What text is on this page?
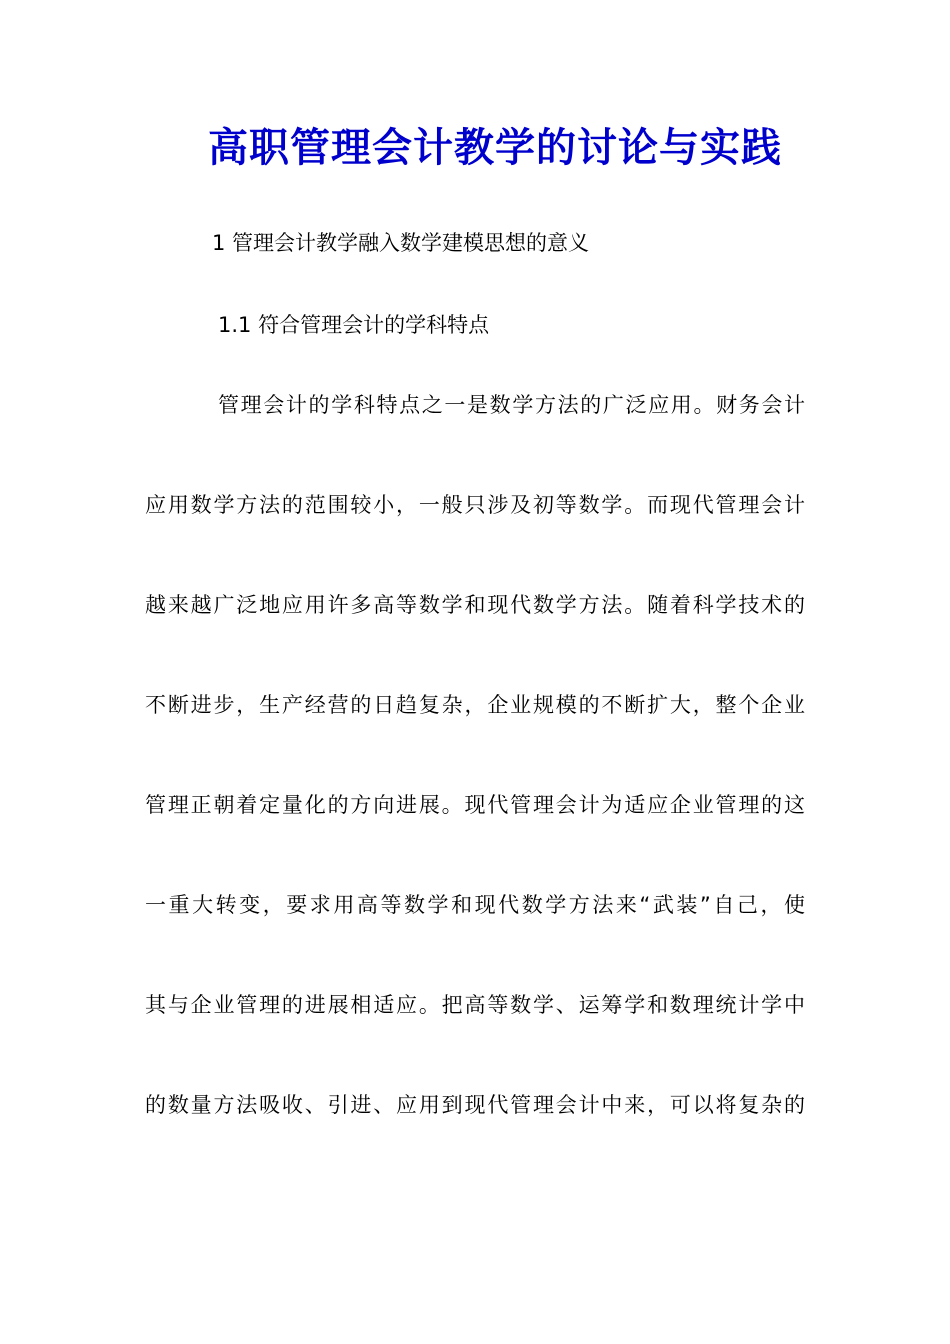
高职管理会计教学的讨论与实践
1 管理会计教学融入数学建模思想的意义
1.1 符合管理会计的学科特点
管理会计的学科特点之一是数学方法的广泛应用。财务会计
应用数学方法的范围较小，一般只涉及初等数学。而现代管理会计
越来越广泛地应用许多高等数学和现代数学方法。随着科学技术的
不断进步，生产经营的日趋复杂，企业规模的不断扩大，整个企业
管理正朝着定量化的方向进展。现代管理会计为适应企业管理的这
一重大转变，要求用高等数学和现代数学方法来“武装”自己，使
其与企业管理的进展相适应。把高等数学、运筹学和数理统计学中
的数量方法吸收、引进、应用到现代管理会计中来，可以将复杂的
